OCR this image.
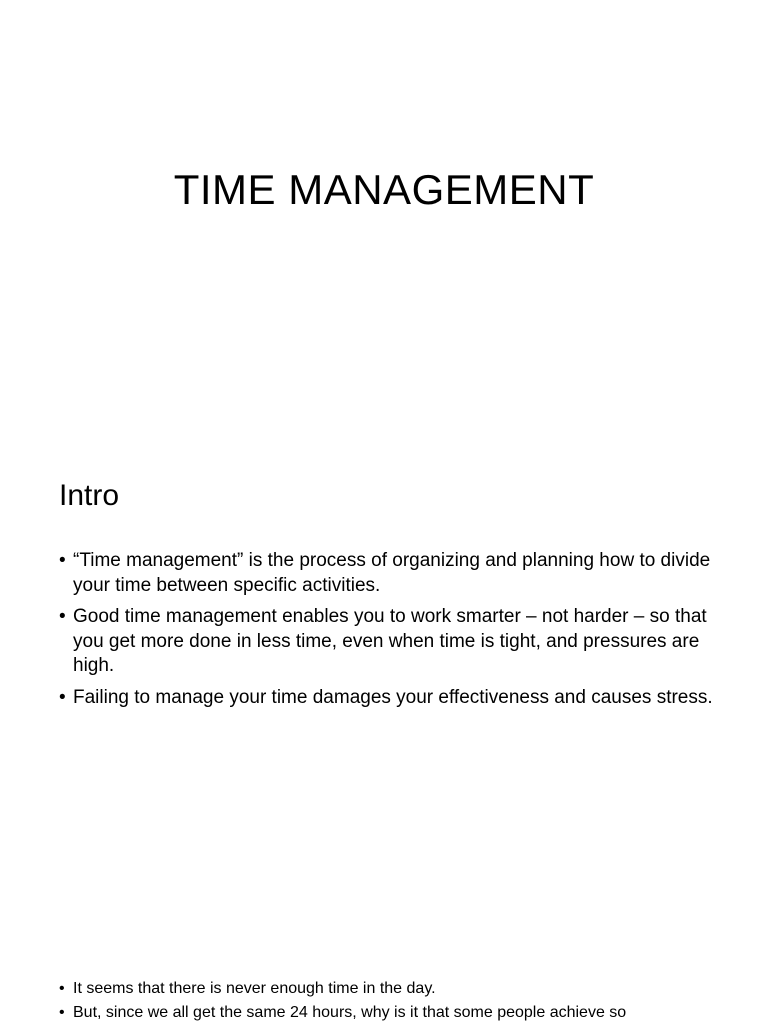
TIME MANAGEMENT
Intro
• “Time management” is the process of organizing and planning how to divide your time between specific activities.
• Good time management enables you to work smarter – not harder – so that you get more done in less time, even when time is tight, and pressures are high.
• Failing to manage your time damages your effectiveness and causes stress.
• It seems that there is never enough time in the day.
• But, since we all get the same 24 hours, why is it that some people achieve so
